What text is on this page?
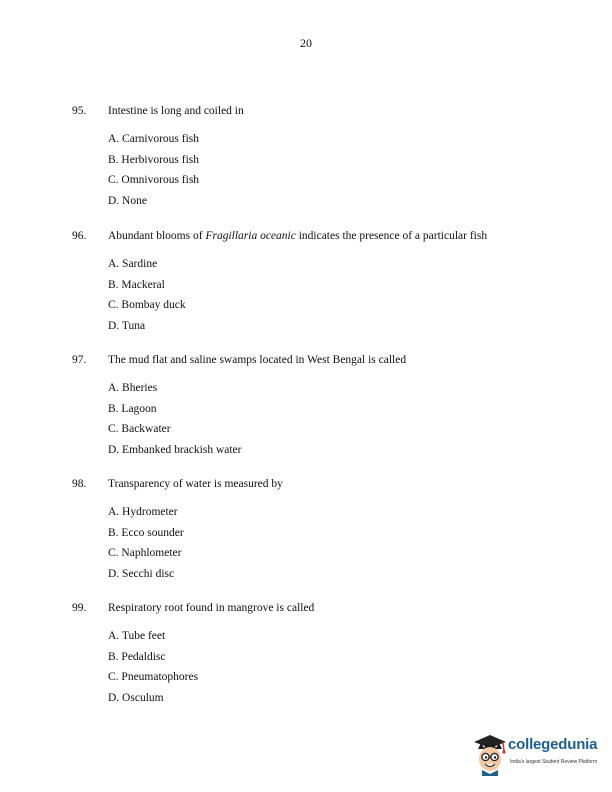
20
95. Intestine is long and coiled in
A. Carnivorous fish
B. Herbivorous fish
C. Omnivorous fish
D. None
96. Abundant blooms of Fragillaria oceanic indicates the presence of a particular fish
A. Sardine
B. Mackeral
C. Bombay duck
D. Tuna
97. The mud flat and saline swamps located in West Bengal is called
A. Bheries
B. Lagoon
C. Backwater
D. Embanked brackish water
98. Transparency of water is measured by
A. Hydrometer
B. Ecco sounder
C. Naphlometer
D. Secchi disc
99. Respiratory root found in mangrove is called
A. Tube feet
B. Pedaldisc
C. Pneumatophores
D. Osculum
collegedunia
India's largest Student Review Platform
